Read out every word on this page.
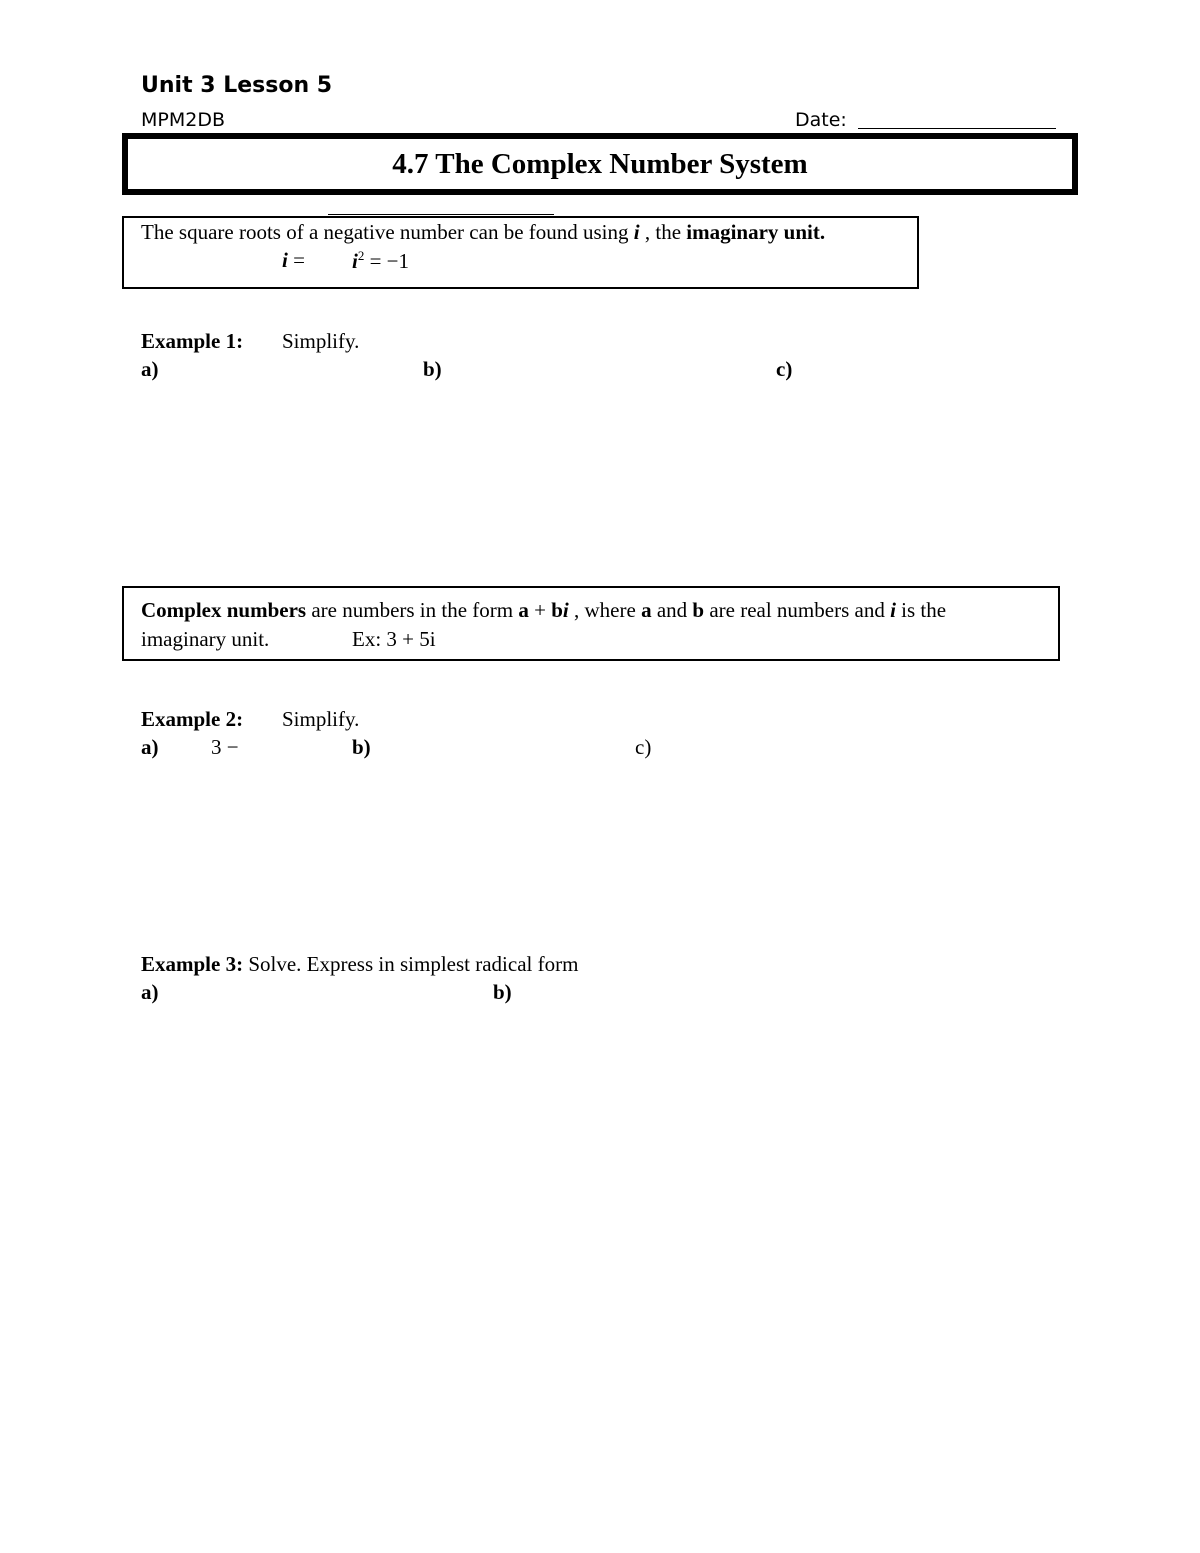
Unit 3 Lesson 5
MPM2DB	Date:
4.7 The Complex Number System
The square roots of a negative number can be found using i , the imaginary unit.
$i = i^2 = -1$
Example 1: Simplify.
a)	b)	c)
Complex numbers are numbers in the form a + bi , where a and b are real numbers and i is the
imaginary unit.	Ex: 3 + 5i
Example 2: Simplify.
a)	3 −	b)	c)
Example 3: Solve. Express in simplest radical form
a)	b)
